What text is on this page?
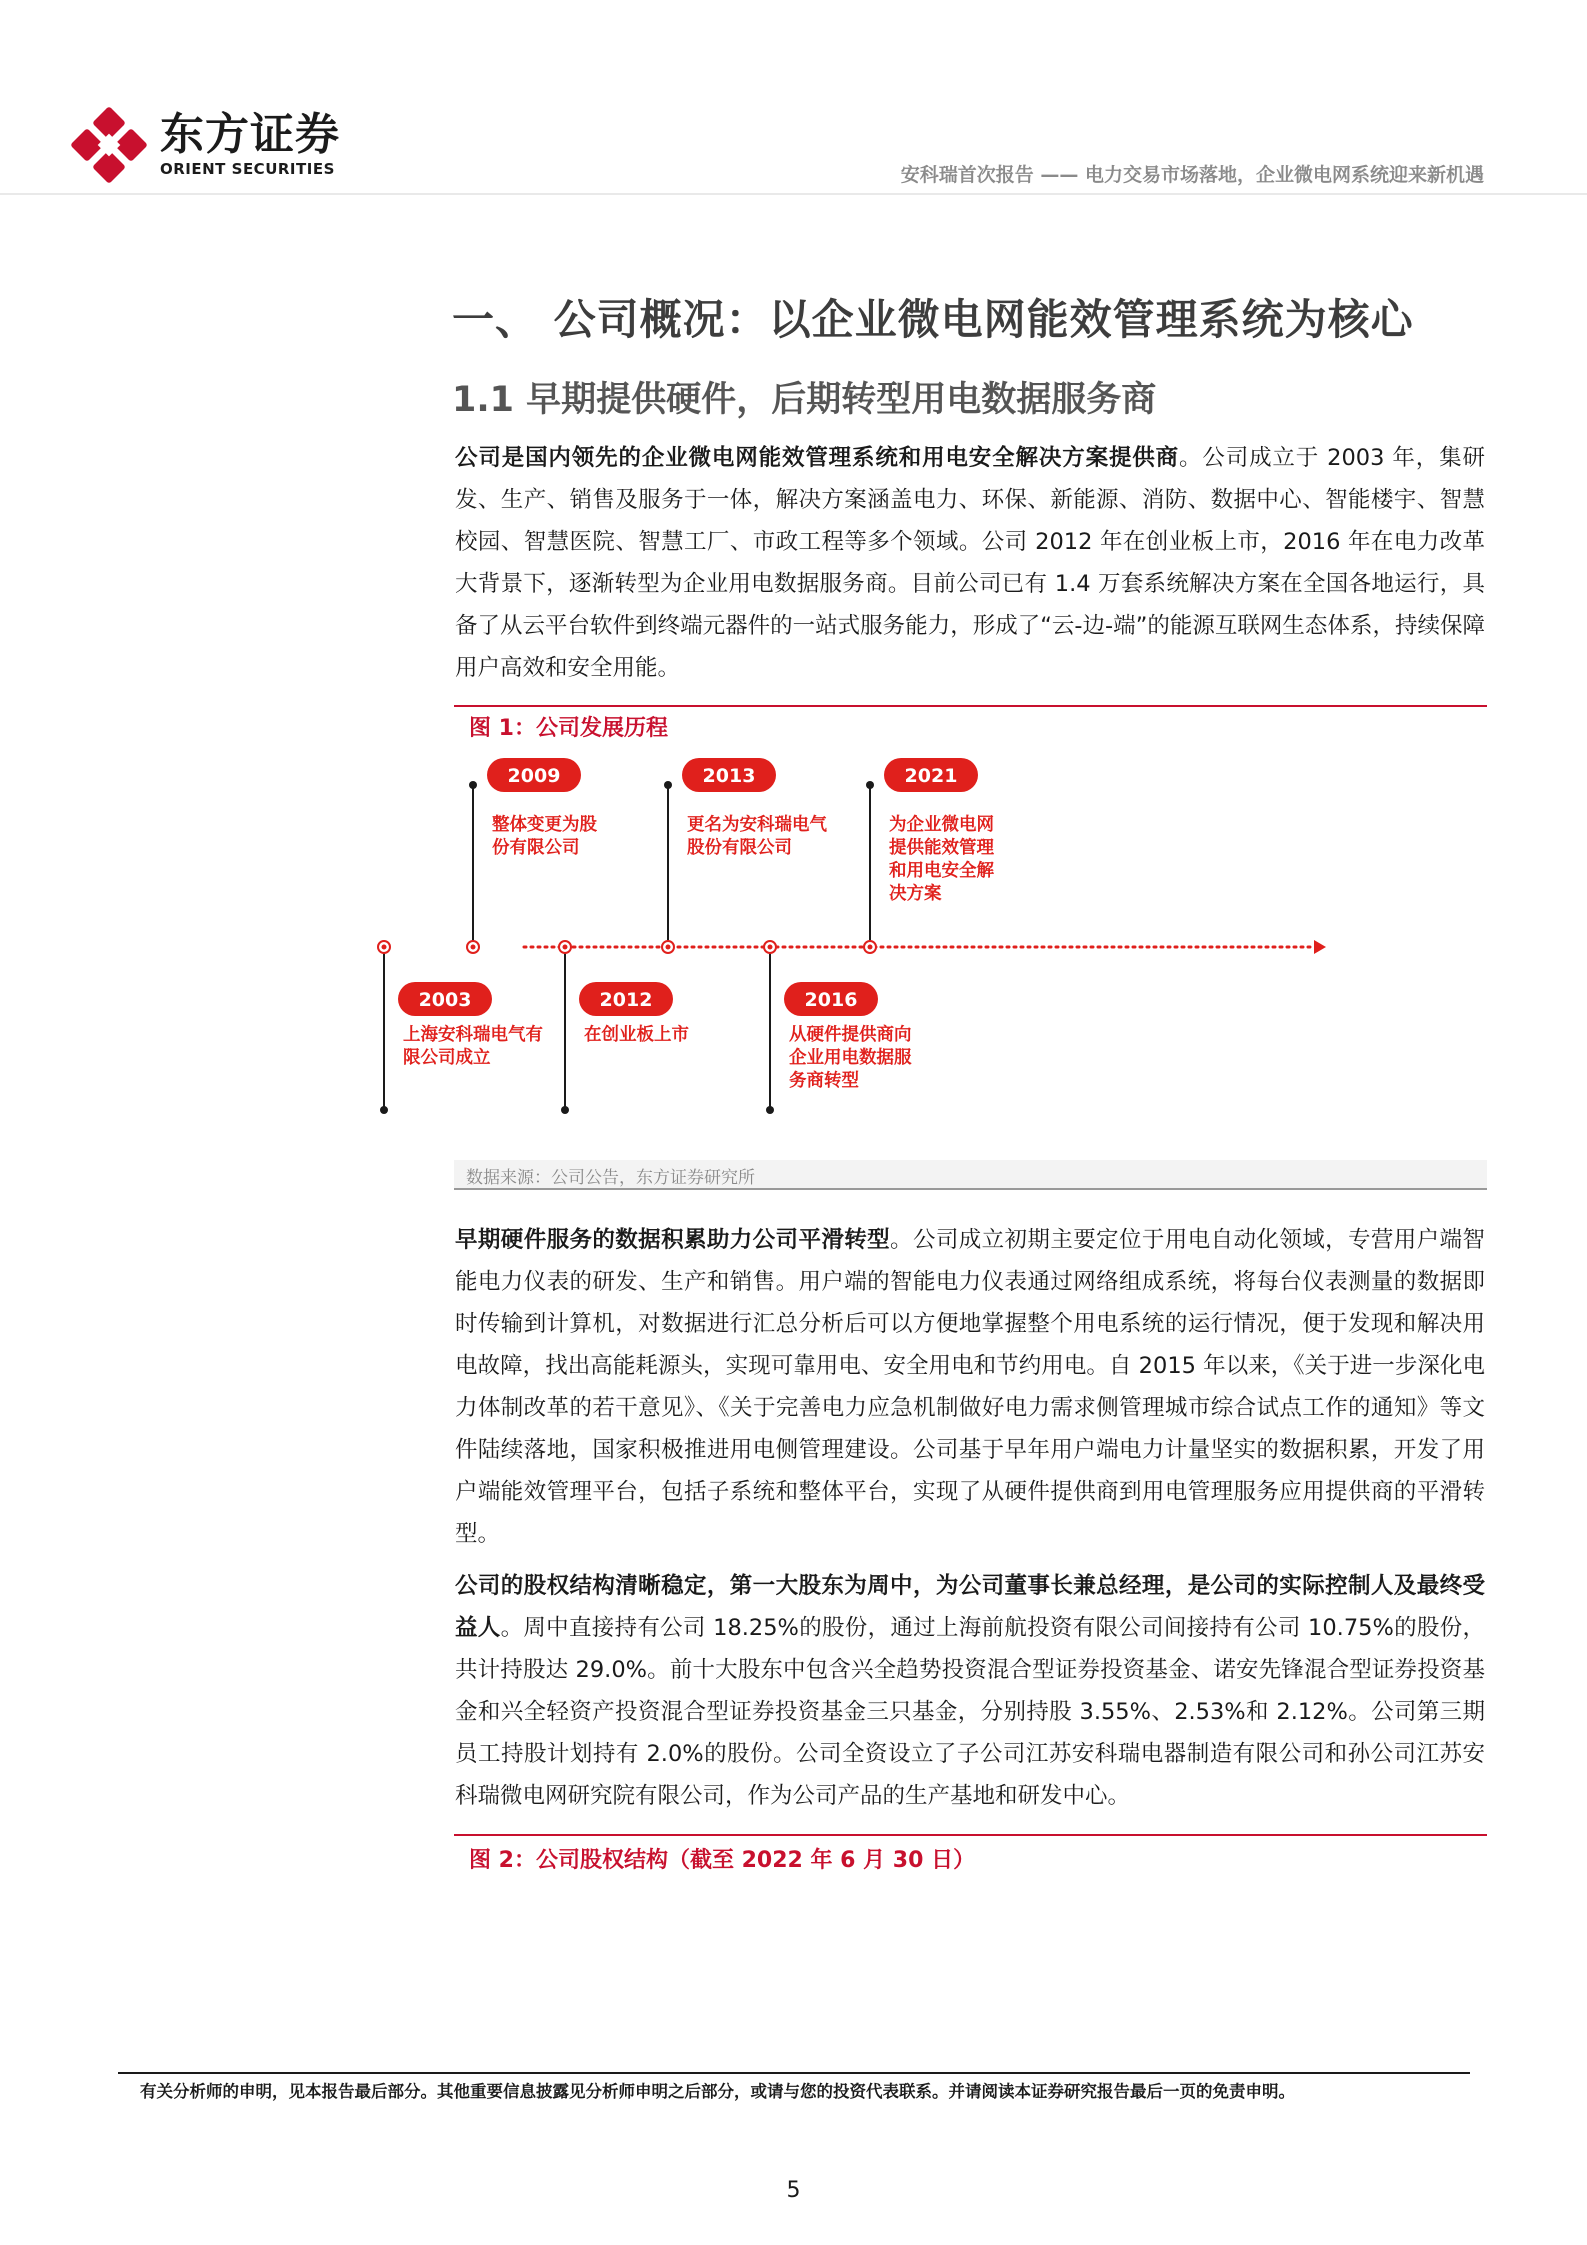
东方证券
ORIENT SECURITIES	安科瑞首次报告 —— 电力交易市场落地，企业微电网系统迎来新机遇
一、 公司概况：以企业微电网能效管理系统为核心
1.1 早期提供硬件，后期转型用电数据服务商
公司是国内领先的企业微电网能效管理系统和用电安全解决方案提供商。公司成立于 2003 年，集研发、生产、销售及服务于一体，解决方案涵盖电力、环保、新能源、消防、数据中心、智能楼宇、智慧校园、智慧医院、智慧工厂、市政工程等多个领域。公司 2012 年在创业板上市，2016 年在电力改革大背景下，逐渐转型为企业用电数据服务商。目前公司已有 1.4 万套系统解决方案在全国各地运行，具备了从云平台软件到终端元器件的一站式服务能力，形成了“云-边-端”的能源互联网生态体系，持续保障用户高效和安全用能。
图 1：公司发展历程
2003
上海安科瑞电气有
限公司成立
2009
整体变更为股
份有限公司
2012
在创业板上市
2013
更名为安科瑞电气
股份有限公司
2016
从硬件提供商向
企业用电数据服
务商转型
2021
为企业微电网
提供能效管理
和用电安全解
决方案
数据来源：公司公告，东方证券研究所
早期硬件服务的数据积累助力公司平滑转型。公司成立初期主要定位于用电自动化领域，专营用户端智能电力仪表的研发、生产和销售。用户端的智能电力仪表通过网络组成系统，将每台仪表测量的数据即时传输到计算机，对数据进行汇总分析后可以方便地掌握整个用电系统的运行情况，便于发现和解决用电故障，找出高能耗源头，实现可靠用电、安全用电和节约用电。自 2015 年以来，《关于进一步深化电力体制改革的若干意见》、《关于完善电力应急机制做好电力需求侧管理城市综合试点工作的通知》等文件陆续落地，国家积极推进用电侧管理建设。公司基于早年用户端电力计量坚实的数据积累，开发了用户端能效管理平台，包括子系统和整体平台，实现了从硬件提供商到用电管理服务应用提供商的平滑转型。
公司的股权结构清晰稳定，第一大股东为周中，为公司董事长兼总经理，是公司的实际控制人及最终受益人。周中直接持有公司 18.25%的股份，通过上海前航投资有限公司间接持有公司 10.75%的股份，共计持股达 29.0%。前十大股东中包含兴全趋势投资混合型证券投资基金、诺安先锋混合型证券投资基金和兴全轻资产投资混合型证券投资基金三只基金，分别持股 3.55%、2.53%和 2.12%。公司第三期员工持股计划持有 2.0%的股份。公司全资设立了子公司江苏安科瑞电器制造有限公司和孙公司江苏安科瑞微电网研究院有限公司，作为公司产品的生产基地和研发中心。
图 2：公司股权结构（截至 2022 年 6 月 30 日）
有关分析师的申明，见本报告最后部分。其他重要信息披露见分析师申明之后部分，或请与您的投资代表联系。并请阅读本证券研究报告最后一页的免责申明。
5
